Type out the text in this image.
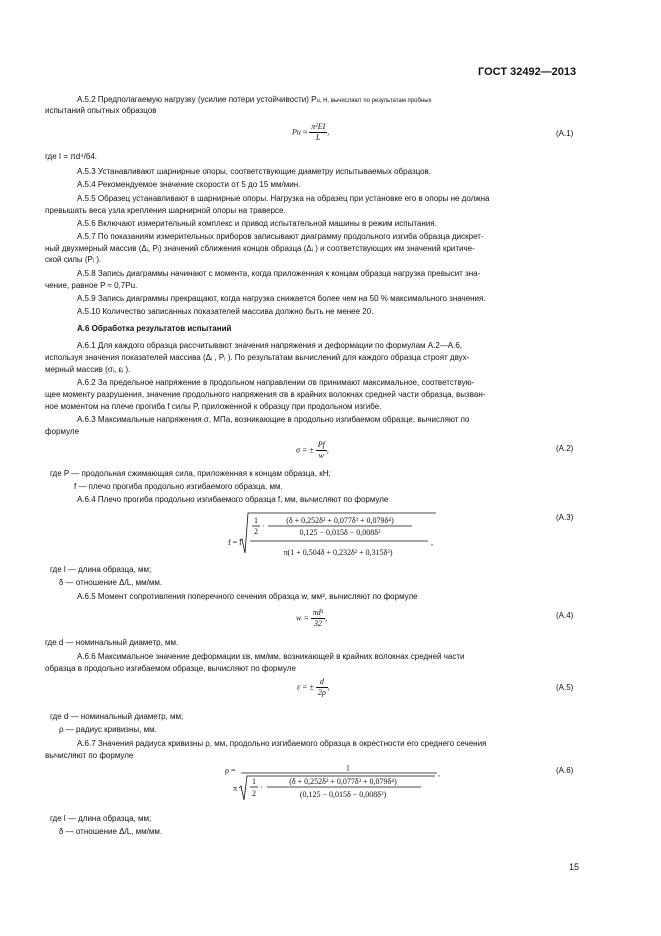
ГОСТ 32492—2013
A.5.2 Предполагаемую нагрузку (усилие потери устойчивости) Pu, Н, вычисляют по результатам пробных
испытаний опытных образцов
$Pu \approx \frac{\text{π²EI}}{L}$ ,	(A.1)
где I = πd⁴/64.
A.5.3 Устанавливают шарнирные опоры, соответствующие диаметру испытываемых образцов.
A.5.4 Рекомендуемое значение скорости от 5 до 15 мм/мин.
A.5.5 Образец устанавливают в шарнирные опоры. Нагрузка на образец при установке его в опоры не должна
превышать веса узла крепления шарнирной опоры на траверсе.
A.5.6 Включают измерительный комплекс и привод испытательной машины в режим испытания.
A.5.7 По показаниям измерительных приборов записывают диаграмму продольного изгиба образца дискрет-
ный двухмерный массив (Δᵢ, Pᵢ) значений сближения концов образца (Δᵢ ) и соответствующих им значений критиче-
ской силы (Pᵢ ).
A.5.8 Запись диаграммы начинают с момента, когда приложенная к концам образца нагрузка превысит зна-
чение, равное P ≈ 0,7Pu.
A.5.9 Запись диаграммы прекращают, когда нагрузка снижается более чем на 50 % максимального значения.
A.5.10 Количество записанных показателей массива должно быть не менее 20.
A.6 Обработка результатов испытаний
A.6.1 Для каждого образца рассчитывают значения напряжения и деформации по формулам А.2—А.6,
используя значения показателей массива (Δᵢ , Pᵢ ). По результатам вычислений для каждого образца строят двух-
мерный массив (σᵢ, εᵢ ).
A.6.2 За предельное напряжение в продольном направлении σв принимают максимальное, соответствую-
щее моменту разрушения, значение продольного напряжения σв в крайних волокнах средней части образца, вызван-
ное моментом на плече прогиба f силы P, приложенной к образцу при продольном изгибе.
A.6.3 Максимальные напряжения σ, МПа, возникающие в продольно изгибаемом образце, вычисляют по
формуле
σ = ± $\frac{Pf}{w}$ ,	(A.2)
где P — продольная сжимающая сила, приложенная к концам образца, кН;
f — плечо прогиба продольно изгибаемого образца, мм.
A.6.4 Плечо прогиба продольно изгибаемого образца f, мм, вычисляют по формуле
f = l
1
2
·
(δ + 0,252δ² + 0,077δ³ + 0,079δ⁴)
0,125 − 0,015δ − 0,008δ²
π(1 + 0,504δ + 0,232δ² + 0,315δ³)
,
(A.3)
где l — длина образца, мм;
δ — отношение Δ/L, мм/мм.
A.6.5 Момент сопротивления поперечного сечения образца w, мм³, вычисляют по формуле
$w = \frac{\text{πd³}}{32}$ ,	(A.4)
где d — номинальный диаметр, мм.
A.6.6 Максимальное значение деформации εв, мм/мм, возникающей в крайних волокнах средней части
образца в продольно изгибаемом образце, вычисляют по формуле
ε = ± $\frac{d}{2\rho}$ ,	(A.5)
где d — номинальный диаметр, мм;
ρ — радиус кривизны, мм.
A.6.7 Значения радиуса кривизны ρ, мм, продольно изгибаемого образца в окрестности его среднего сечения
вычисляют по формуле
ρ =	l
,
π
1
2
·
(δ + 0,252δ² + 0,077δ³ + 0,079δ⁴)
(0,125 − 0,015δ − 0,008δ²)
(A.6)
где l — длина образца, мм;
δ — отношение Δ/L, мм/мм.
15
